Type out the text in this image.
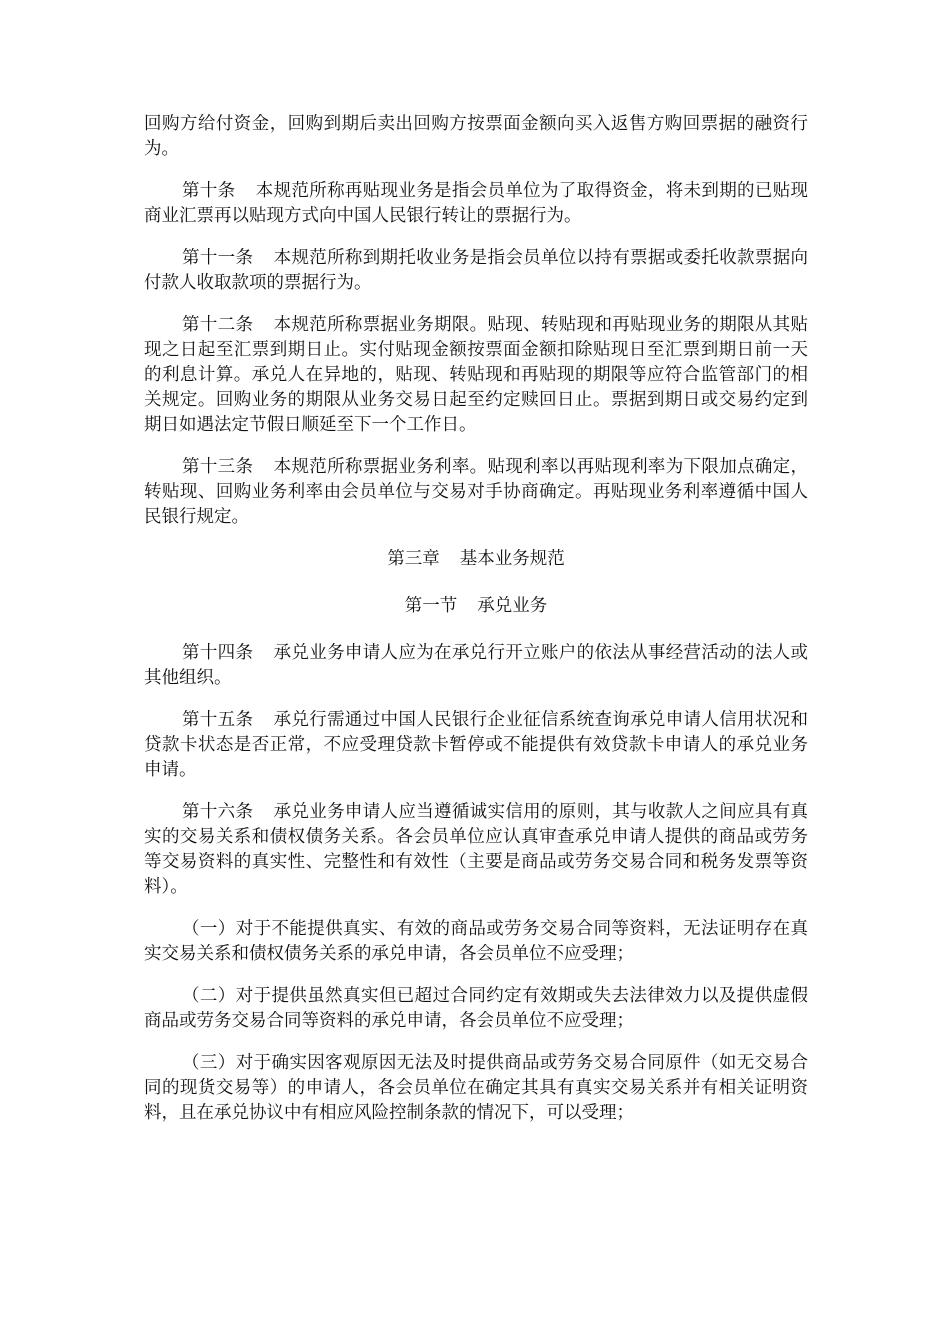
回购方给付资金，回购到期后卖出回购方按票面金额向买入返售方购回票据的融资行为。

第十条 本规范所称再贴现业务是指会员单位为了取得资金，将未到期的已贴现商业汇票再以贴现方式向中国人民银行转让的票据行为。

第十一条 本规范所称到期托收业务是指会员单位以持有票据或委托收款票据向付款人收取款项的票据行为。

第十二条 本规范所称票据业务期限。贴现、转贴现和再贴现业务的期限从其贴现之日起至汇票到期日止。实付贴现金额按票面金额扣除贴现日至汇票到期日前一天的利息计算。承兑人在异地的，贴现、转贴现和再贴现的期限等应符合监管部门的相关规定。回购业务的期限从业务交易日起至约定赎回日止。票据到期日或交易约定到期日如遇法定节假日顺延至下一个工作日。

第十三条 本规范所称票据业务利率。贴现利率以再贴现利率为下限加点确定，转贴现、回购业务利率由会员单位与交易对手协商确定。再贴现业务利率遵循中国人民银行规定。

第三章 基本业务规范
第一节 承兑业务

第十四条 承兑业务申请人应为在承兑行开立账户的依法从事经营活动的法人或其他组织。

第十五条 承兑行需通过中国人民银行企业征信系统查询承兑申请人信用状况和贷款卡状态是否正常，不应受理贷款卡暂停或不能提供有效贷款卡申请人的承兑业务申请。

第十六条 承兑业务申请人应当遵循诚实信用的原则，其与收款人之间应具有真实的交易关系和债权债务关系。各会员单位应认真审查承兑申请人提供的商品或劳务等交易资料的真实性、完整性和有效性（主要是商品或劳务交易合同和税务发票等资料）。

（一）对于不能提供真实、有效的商品或劳务交易合同等资料，无法证明存在真实交易关系和债权债务关系的承兑申请，各会员单位不应受理；

（二）对于提供虽然真实但已超过合同约定有效期或失去法律效力以及提供虚假商品或劳务交易合同等资料的承兑申请，各会员单位不应受理；

（三）对于确实因客观原因无法及时提供商品或劳务交易合同原件（如无交易合同的现货交易等）的申请人，各会员单位在确定其具有真实交易关系并有相关证明资料，且在承兑协议中有相应风险控制条款的情况下，可以受理；
